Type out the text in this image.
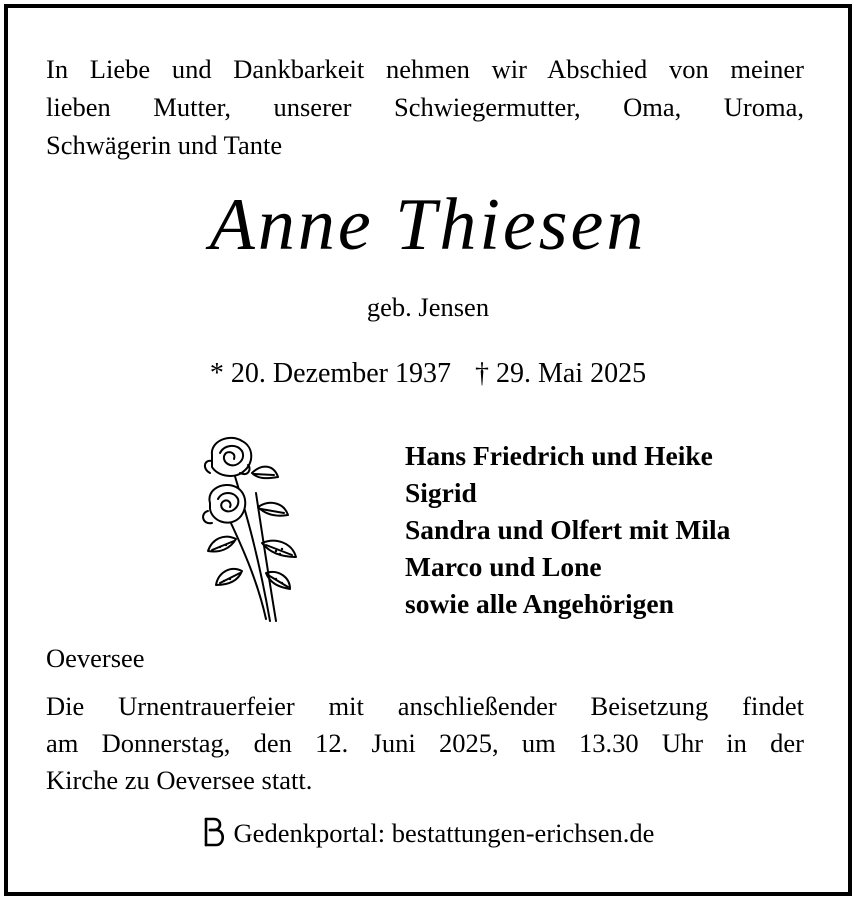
In Liebe und Dankbarkeit nehmen wir Abschied von meiner
lieben Mutter, unserer Schwiegermutter, Oma, Uroma,
Schwägerin und Tante
Anne Thiesen
geb. Jensen
* 20. Dezember 1937 † 29. Mai 2025
Hans Friedrich und Heike
Sigrid
Sandra und Olfert mit Mila
Marco und Lone
sowie alle Angehörigen
Oeversee
Die Urnentrauerfeier mit anschließender Beisetzung findet
am Donnerstag, den 12. Juni 2025, um 13.30 Uhr in der
Kirche zu Oeversee statt.
Gedenkportal: bestattungen-erichsen.de
